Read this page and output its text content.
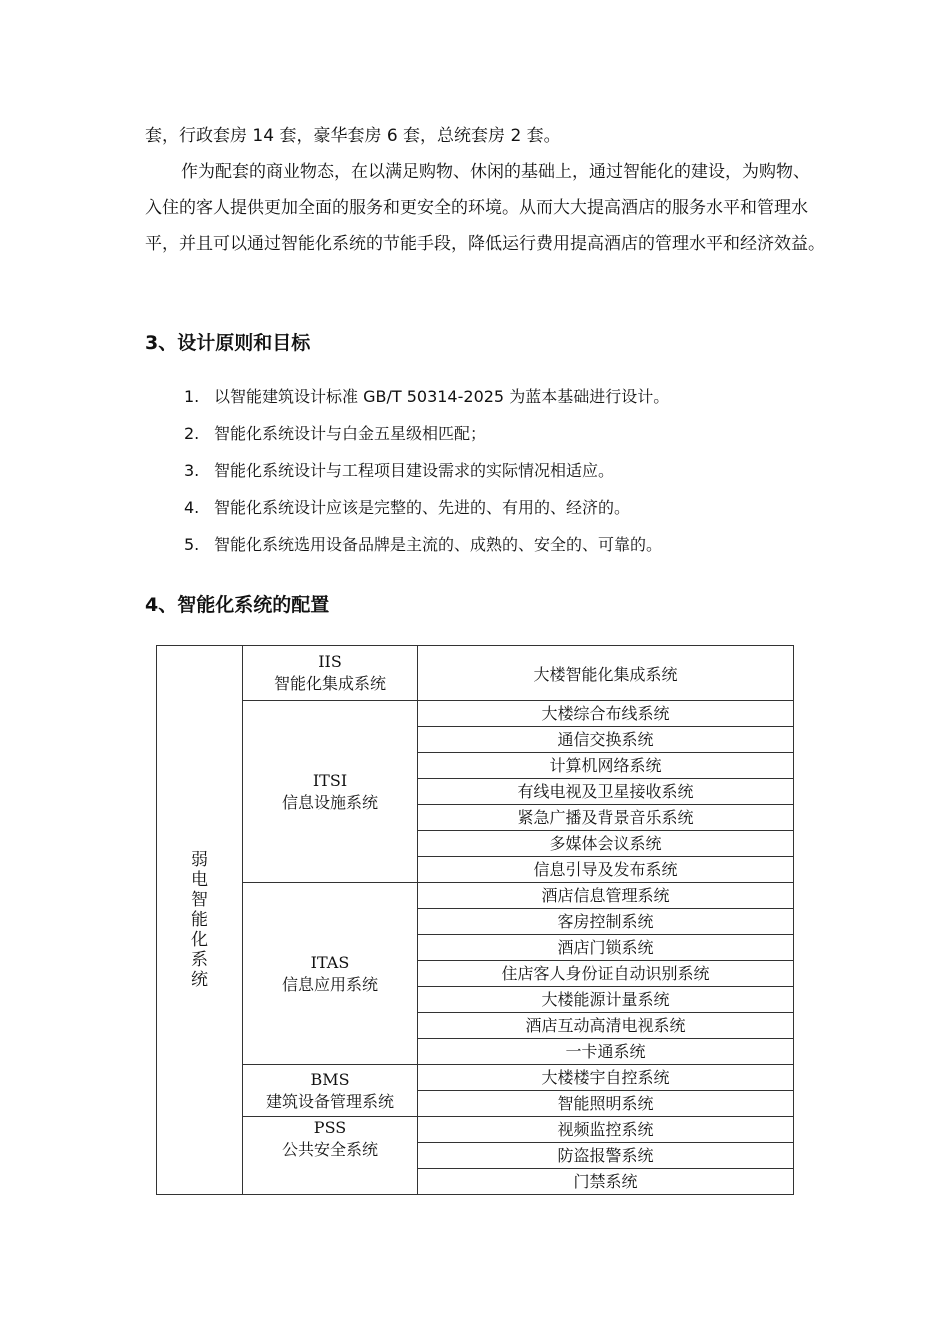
套，行政套房 14 套，豪华套房 6 套，总统套房 2 套。

作为配套的商业物态，在以满足购物、休闲的基础上，通过智能化的建设，为购物、入住的客人提供更加全面的服务和更安全的环境。从而大大提高酒店的服务水平和管理水平，并且可以通过智能化系统的节能手段，降低运行费用提高酒店的管理水平和经济效益。

3、设计原则和目标
1. 以智能建筑设计标准 GB/T 50314-2025 为蓝本基础进行设计。
2. 智能化系统设计与白金五星级相匹配；
3. 智能化系统设计与工程项目建设需求的实际情况相适应。
4. 智能化系统设计应该是完整的、先进的、有用的、经济的。
5. 智能化系统选用设备品牌是主流的、成熟的、安全的、可靠的。
4、智能化系统的配置
弱电智能化系统	IIS
智能化集成系统	大楼智能化集成系统

	ITSI
信息设施系统	大楼综合布线系统
		通信交换系统
		计算机网络系统
		有线电视及卫星接收系统
		紧急广播及背景音乐系统
		多媒体会议系统
		信息引导及发布系统

	ITAS
信息应用系统	酒店信息管理系统
		客房控制系统
		酒店门锁系统
		住店客人身份证自动识别系统
		大楼能源计量系统
		酒店互动高清电视系统
		一卡通系统

	BMS
建筑设备管理系统	大楼楼宇自控系统
		智能照明系统

	PSS
公共安全系统	视频监控系统
		防盗报警系统
		门禁系统
